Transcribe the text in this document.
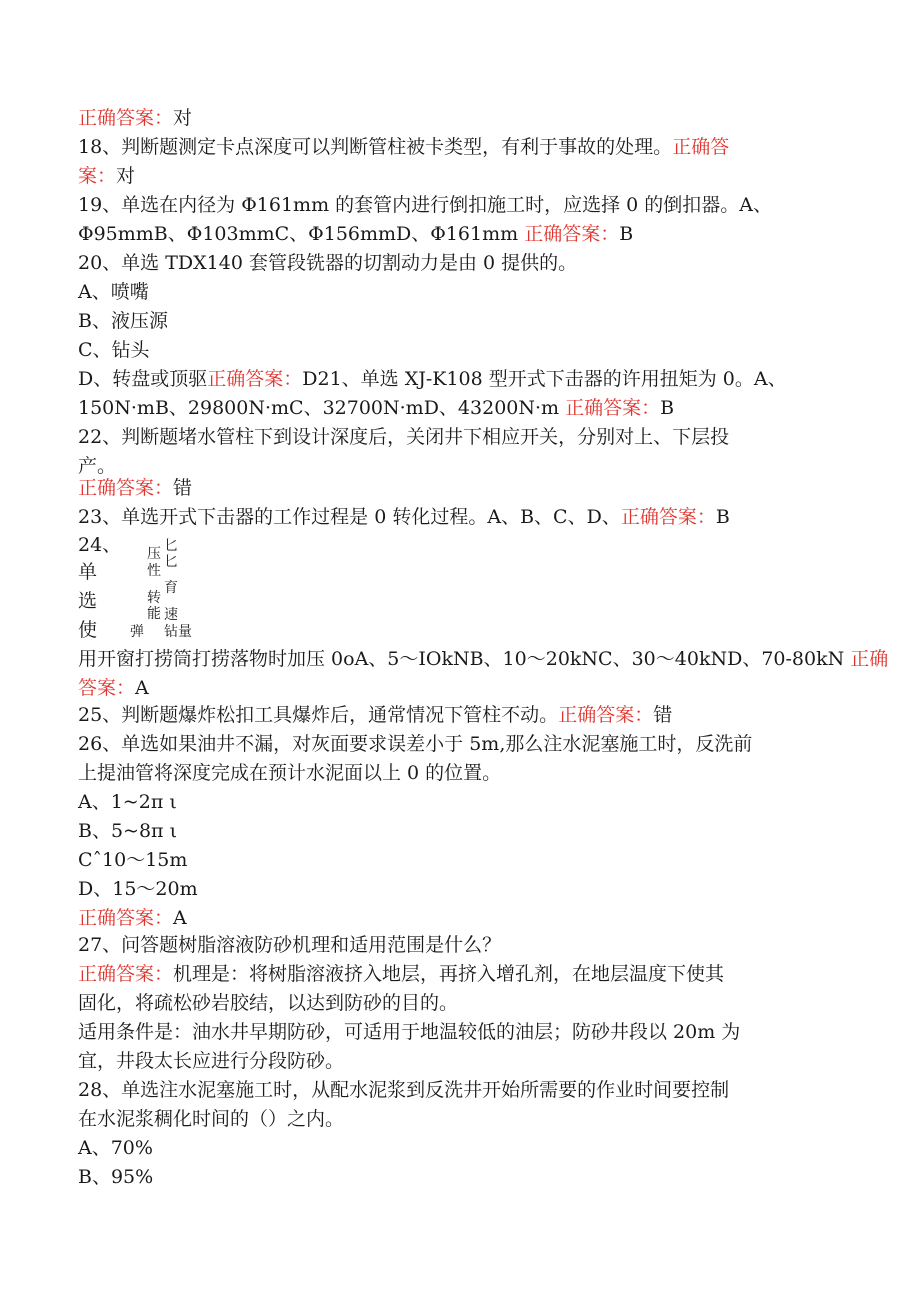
正确答案：对
18、判断题测定卡点深度可以判断管柱被卡类型，有利于事故的处理。正确答
案：对
19、单选在内径为 Φ161mm 的套管内进行倒扣施工时，应选择 0 的倒扣器。A、
Φ95mmB、Φ103mmC、Φ156mmD、Φ161mm 正确答案：B
20、单选 TDX140 套管段铣器的切割动力是由 0 提供的。
A、喷嘴
B、液压源
C、钻头
D、转盘或顶驱正确答案：D21、单选 XJ-K108 型开式下击器的许用扭矩为 0。A、
150N·mB、29800N·mC、32700N·mD、43200N·m 正确答案：B
22、判断题堵水管柱下到设计深度后，关闭井下相应开关，分别对上、下层投
产。
正确答案：错
23、单选开式下击器的工作过程是 0 转化过程。A、B、C、D、正确答案：B
24、
单
选
使
压
性
转
能
弹
匕
匕
育
速
钻量
用开窗打捞筒打捞落物时加压 0oA、5～IOkNB、10～20kNC、30～40kND、70-80kN 正确
答案：A
25、判断题爆炸松扣工具爆炸后，通常情况下管柱不动。正确答案：错
26、单选如果油井不漏，对灰面要求误差小于 5m,那么注水泥塞施工时，反洗前
上提油管将深度完成在预计水泥面以上 0 的位置。
A、1~2π ι
B、5~8π ι
Cˆ10～15m
D、15～20m
正确答案：A
27、问答题树脂溶液防砂机理和适用范围是什么？
正确答案：机理是：将树脂溶液挤入地层，再挤入增孔剂，在地层温度下使其
固化，将疏松砂岩胶结，以达到防砂的目的。
适用条件是：油水井早期防砂，可适用于地温较低的油层；防砂井段以 20m 为
宜，井段太长应进行分段防砂。
28、单选注水泥塞施工时，从配水泥浆到反洗井开始所需要的作业时间要控制
在水泥浆稠化时间的（）之内。
A、70%
B、95%
